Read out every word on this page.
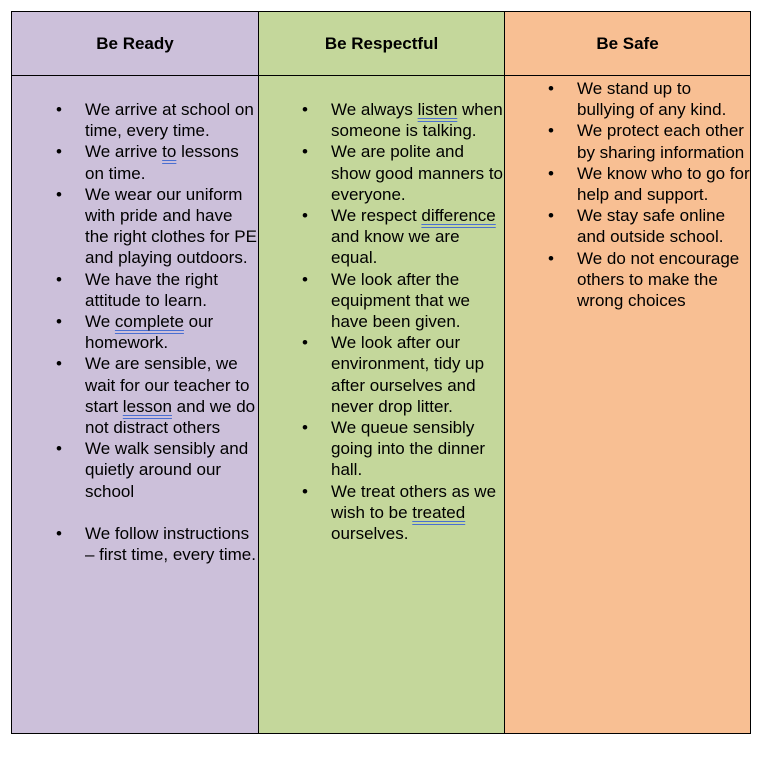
Be Ready
• We arrive at school on time, every time.
• We arrive to lessons on time.
• We wear our uniform with pride and have the right clothes for PE and playing outdoors.
• We have the right attitude to learn.
• We complete our homework.
• We are sensible, we wait for our teacher to start lesson and we do not distract others
• We walk sensibly and quietly around our school
• We follow instructions – first time, every time.
Be Respectful
• We always listen when someone is talking.
• We are polite and show good manners to everyone.
• We respect difference and know we are equal.
• We look after the equipment that we have been given.
• We look after our environment, tidy up after ourselves and never drop litter.
• We queue sensibly going into the dinner hall.
• We treat others as we wish to be treated ourselves.
Be Safe
• We stand up to bullying of any kind.
• We protect each other by sharing information
• We know who to go for help and support.
• We stay safe online and outside school.
• We do not encourage others to make the wrong choices
